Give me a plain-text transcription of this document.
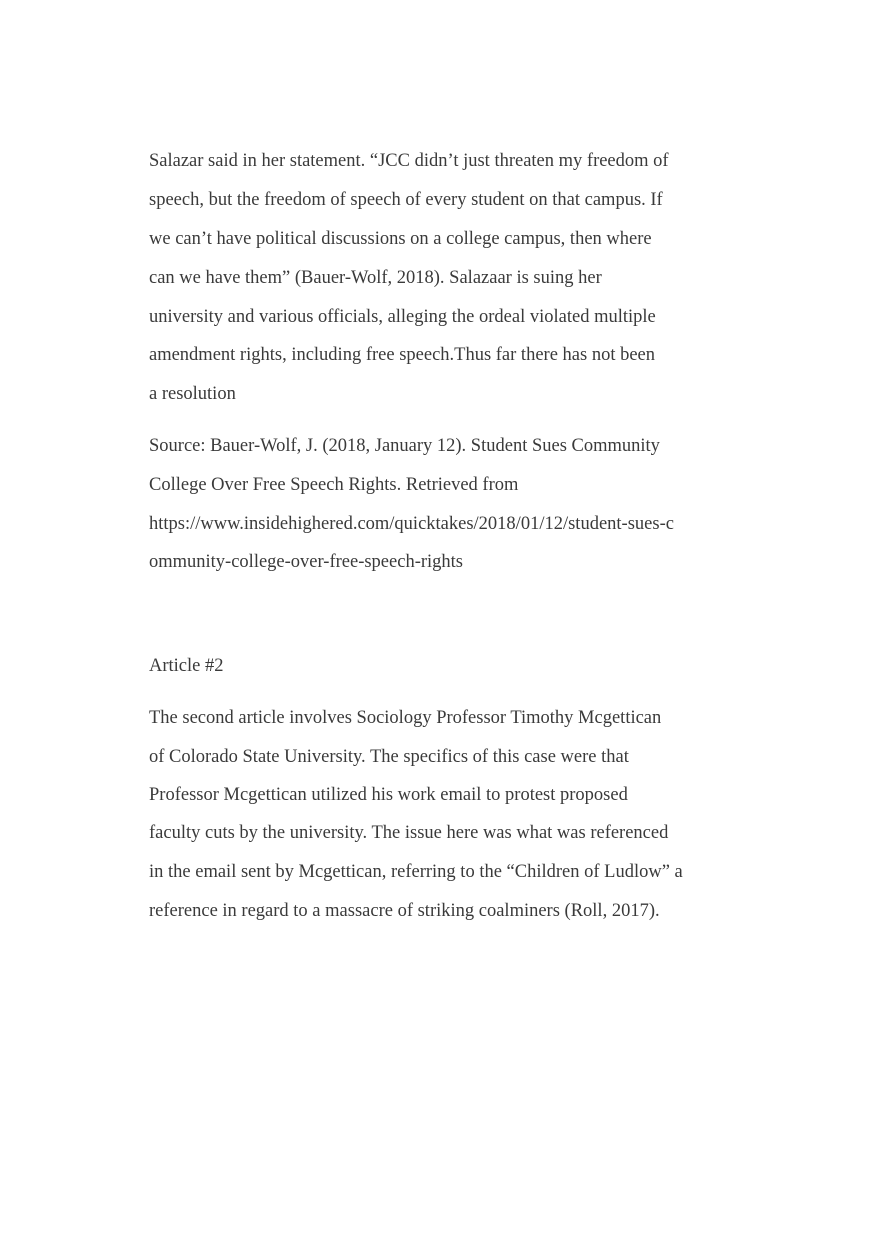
Salazar said in her statement. “JCC didn’t just threaten my freedom of

speech, but the freedom of speech of every student on that campus. If

we can’t have political discussions on a college campus, then where

can we have them” (Bauer-Wolf, 2018). Salazaar is suing her

university and various officials, alleging the ordeal violated multiple

amendment rights, including free speech.Thus far there has not been

a resolution

Source: Bauer-Wolf, J. (2018, January 12). Student Sues Community

College Over Free Speech Rights. Retrieved from

https://www.insidehighered.com/quicktakes/2018/01/12/student-sues-c

ommunity-college-over-free-speech-rights

Article #2

The second article involves Sociology Professor Timothy Mcgettican

of Colorado State University. The specifics of this case were that

Professor Mcgettican utilized his work email to protest proposed

faculty cuts by the university. The issue here was what was referenced

in the email sent by Mcgettican, referring to the “Children of Ludlow” a

reference in regard to a massacre of striking coalminers (Roll, 2017).
